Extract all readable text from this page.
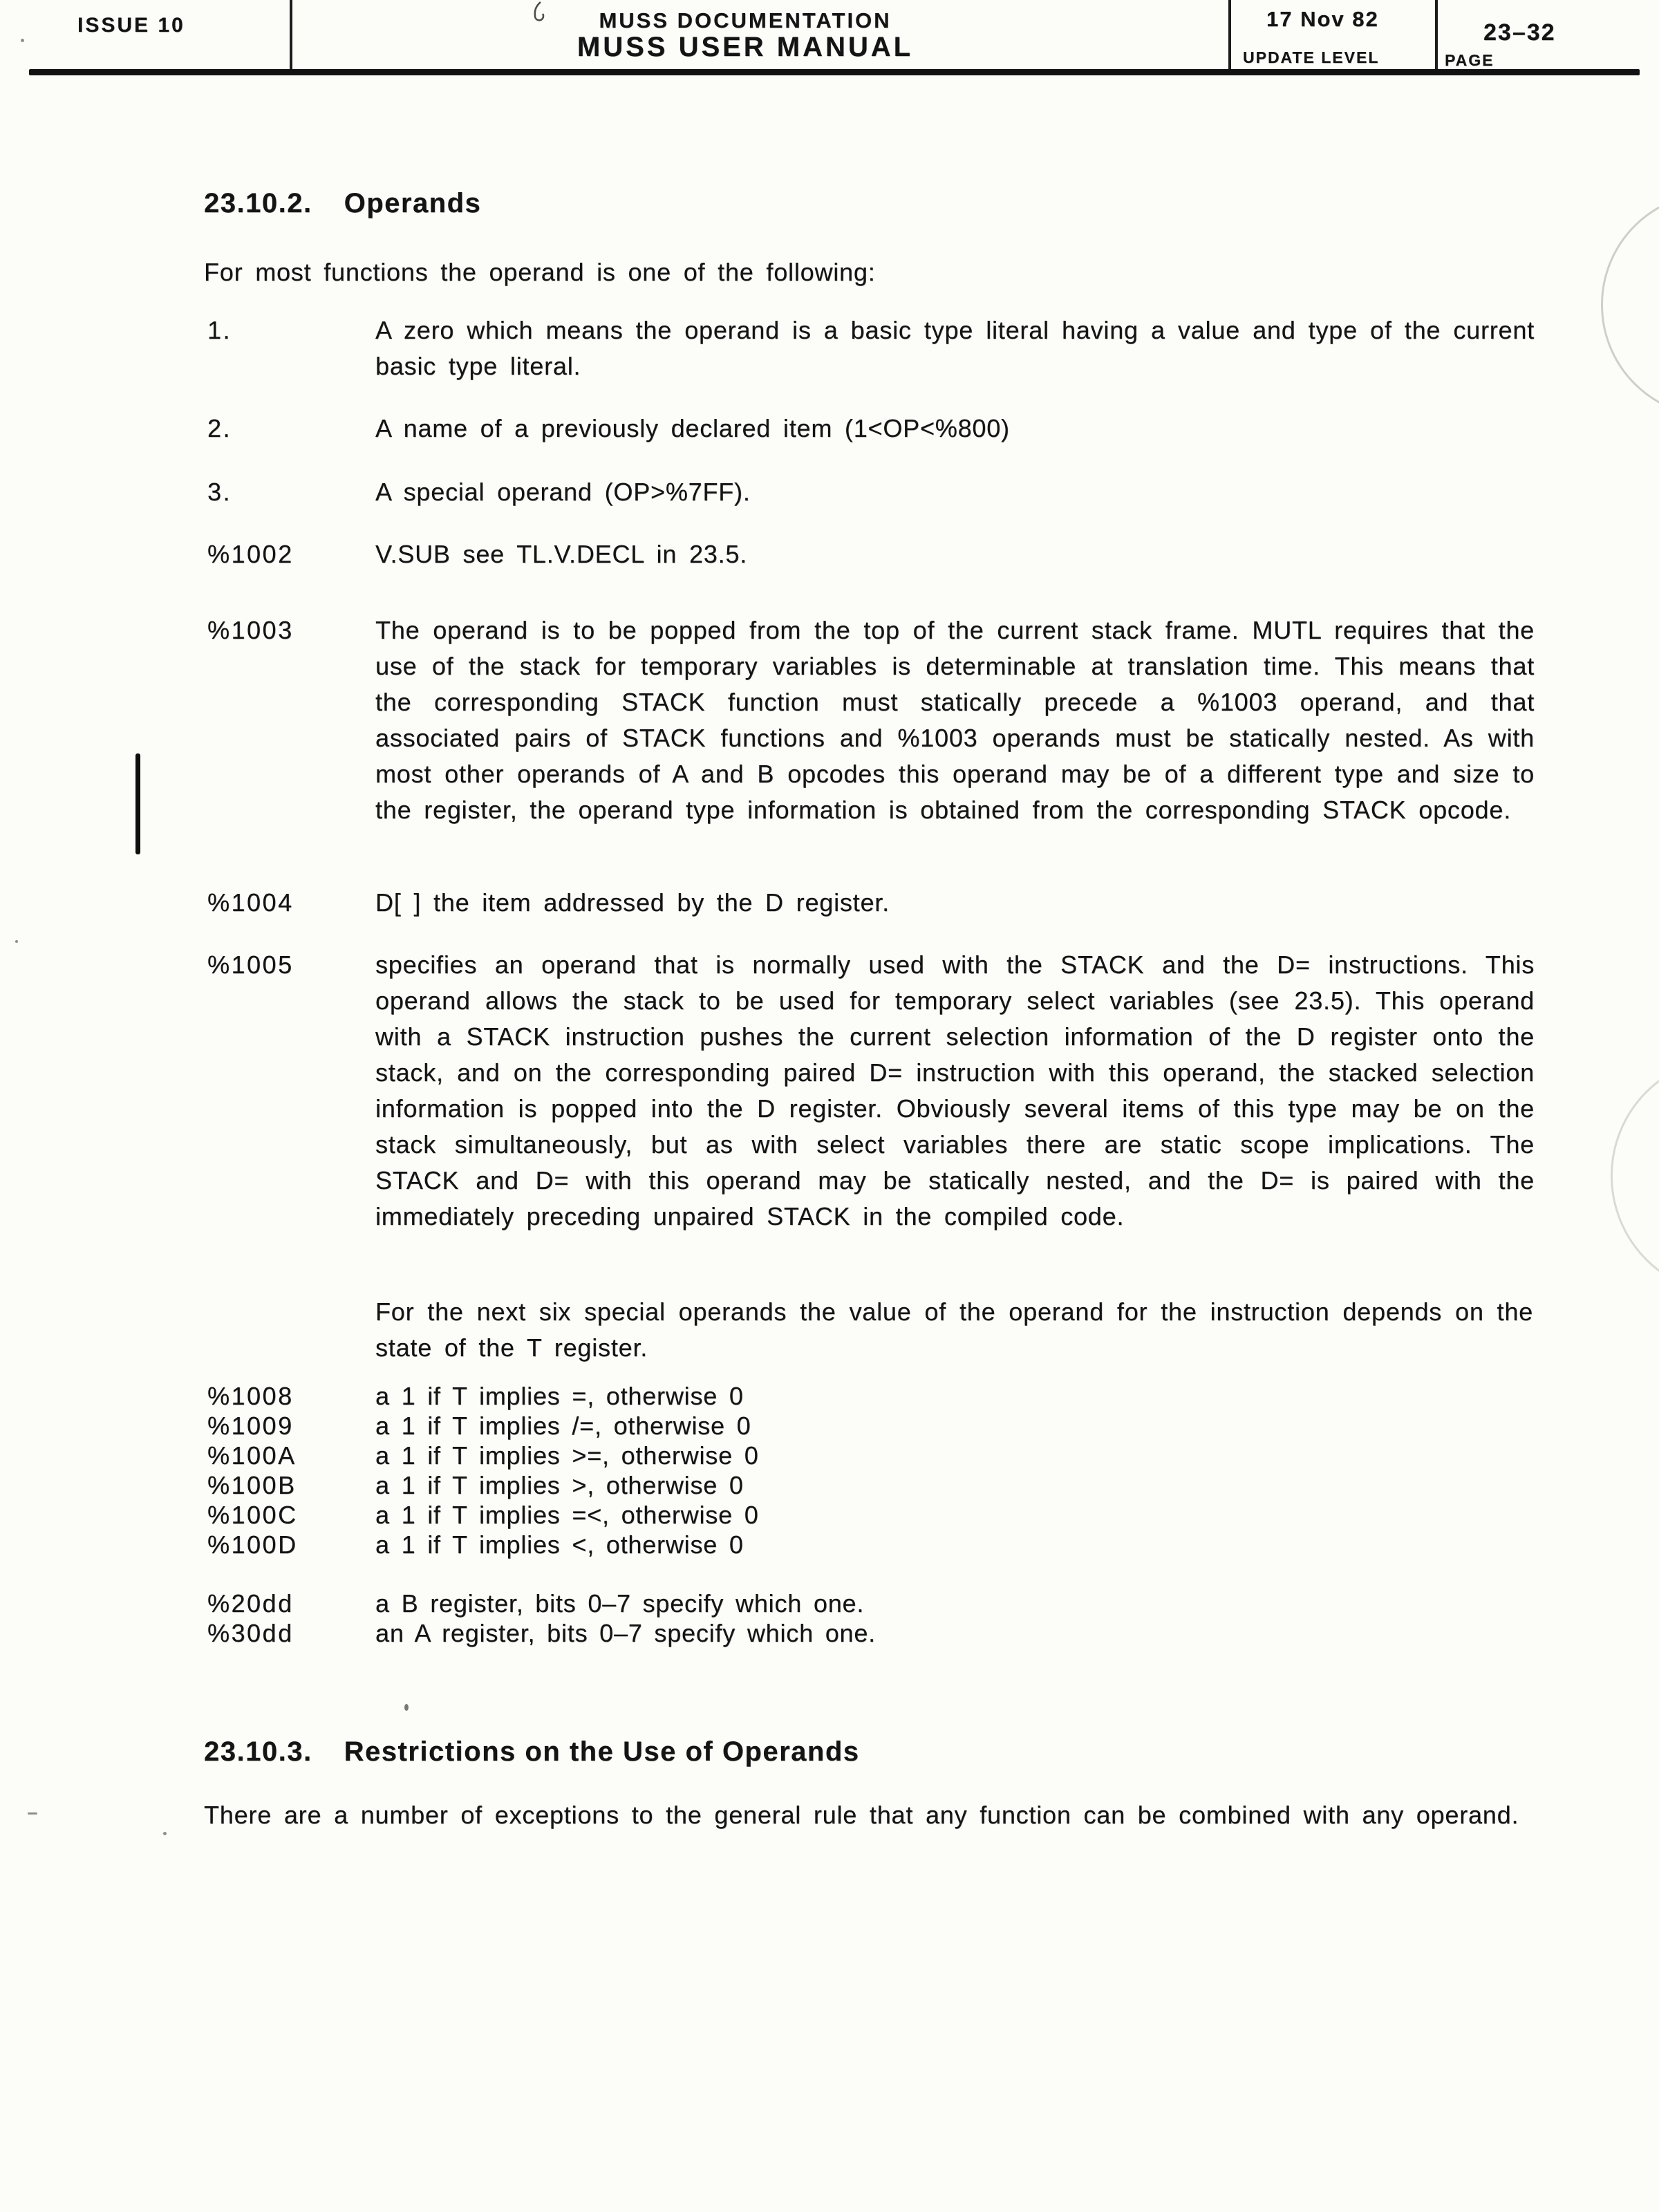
ISSUE 10	MUSS DOCUMENTATION
MUSS USER MANUAL
17 Nov 82
UPDATE LEVEL
23–32
PAGE
23.10.2. Operands
For most functions the operand is one of the following:
1.	A zero which means the operand is a basic type literal having a value and type of the current basic type literal.
2.	A name of a previously declared item (1<OP<%800)
3.	A special operand (OP>%7FF).
%1002	V.SUB see TL.V.DECL in 23.5.
%1003	The operand is to be popped from the top of the current stack frame. MUTL requires that the use of the stack for temporary variables is determinable at translation time. This means that the corresponding STACK function must statically precede a %1003 operand, and that associated pairs of STACK functions and %1003 operands must be statically nested. As with most other operands of A and B opcodes this operand may be of a different type and size to the register, the operand type information is obtained from the corresponding STACK opcode.
%1004	D[ ] the item addressed by the D register.
%1005	specifies an operand that is normally used with the STACK and the D= instructions. This operand allows the stack to be used for temporary select variables (see 23.5). This operand with a STACK instruction pushes the current selection information of the D register onto the stack, and on the corresponding paired D= instruction with this operand, the stacked selection information is popped into the D register. Obviously several items of this type may be on the stack simultaneously, but as with select variables there are static scope implications. The STACK and D= with this operand may be statically nested, and the D= is paired with the immediately preceding unpaired STACK in the compiled code.
For the next six special operands the value of the operand for the instruction depends on the state of the T register.
%1008	a 1 if T implies =, otherwise 0
%1009	a 1 if T implies /=, otherwise 0
%100A	a 1 if T implies >=, otherwise 0
%100B	a 1 if T implies >, otherwise 0
%100C	a 1 if T implies =<, otherwise 0
%100D	a 1 if T implies <, otherwise 0
%20dd	a B register, bits 0–7 specify which one.
%30dd	an A register, bits 0–7 specify which one.
23.10.3. Restrictions on the Use of Operands
There are a number of exceptions to the general rule that any function can be combined with any operand.
